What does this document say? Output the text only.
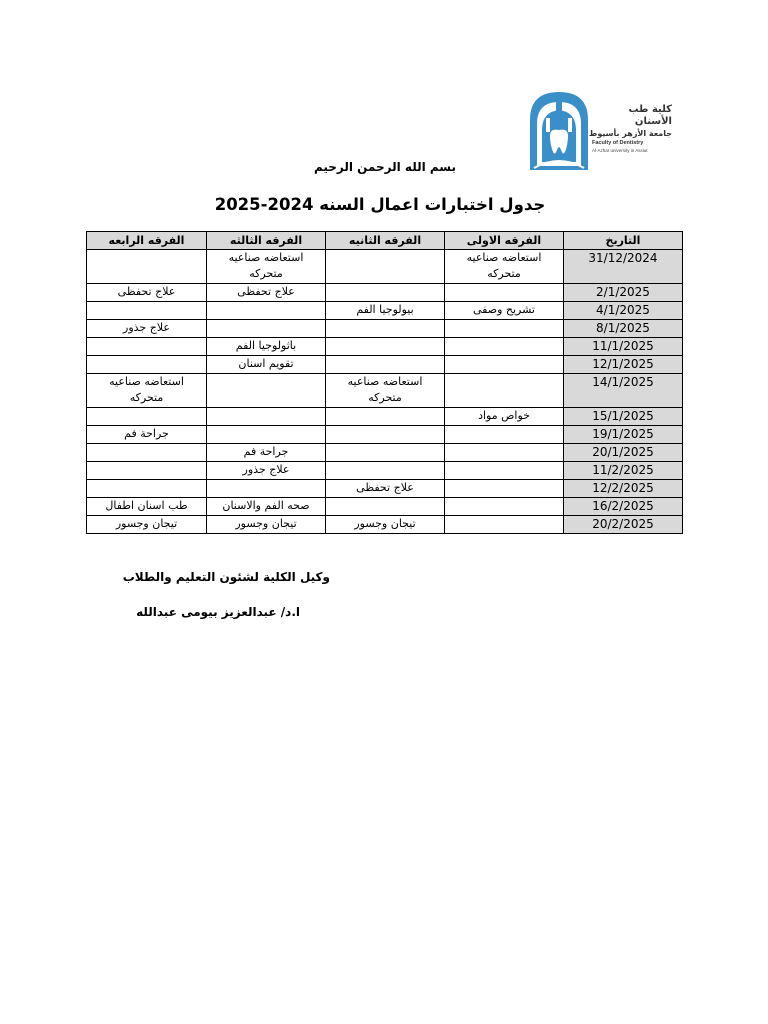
كلية طب الأسنان
جامعة الأزهر بأسيوط
Faculty of Dentistry
Al-Azhar university in Assiut
بسم الله الرحمن الرحيم
جدول اختبارات اعمال السنه 2024-2025
التاريخ	الفرقه الاولى	الفرقه الثانيه	الفرقه الثالثه	الفرقه الرابعه
31/12/2024	استعاضه صناعيه متحركه		استعاضه صناعيه متحركه	
2/1/2025			علاج تحفظى	علاج تحفظى
4/1/2025	تشريح وصفى	بيولوجيا الفم		
8/1/2025				علاج جذور
11/1/2025			باثولوجيا الفم	
12/1/2025			تقويم اسنان	
14/1/2025		استعاضه صناعيه متحركه		استعاضه صناعيه متحركه
15/1/2025	خواص مواد			
19/1/2025				جراحة فم
20/1/2025			جراحة فم	
11/2/2025			علاج جذور	
12/2/2025		علاج تحفظى		
16/2/2025			صحه الفم والاسنان	طب اسنان اطفال
20/2/2025		تيجان وجسور	تيجان وجسور	تيجان وجسور
وكيل الكلية لشئون التعليم والطلاب
ا.د/ عبدالعزيز بيومى عبدالله
